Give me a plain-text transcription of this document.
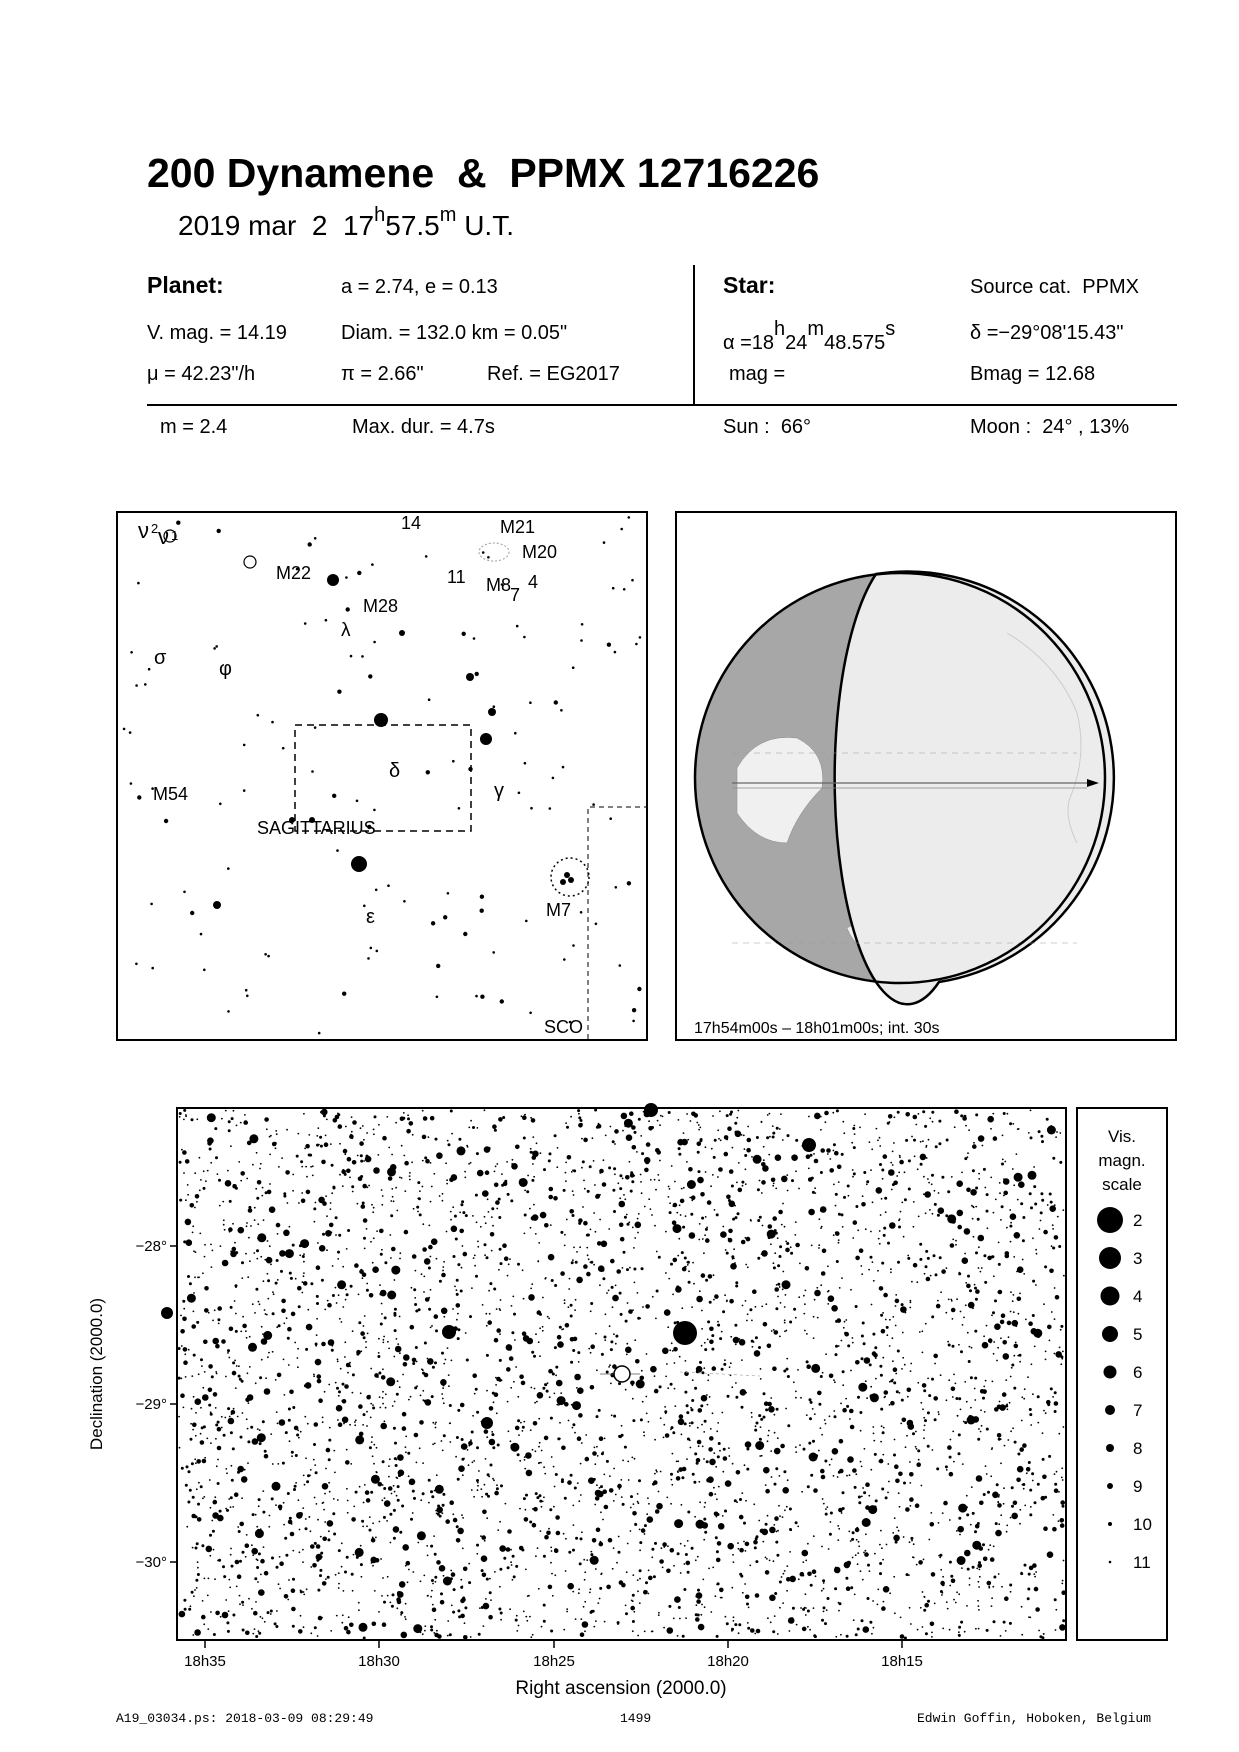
200 Dynamene  &  PPMX 12716226
2019 mar  2  17$^h$57.5$^m$ U.T.
Planet:	a = 2.74, e = 0.13
V. mag. = 14.19	Diam. = 132.0 km = 0.05"
μ = 42.23"/h	π = 2.66"	Ref. = EG2017
Star:	Source cat.  PPMX
α =18h24m48.575s	δ =−29°08'15.43"
mag =	Bmag = 12.68
m = 2.4	Max. dur. = 4.7s	Sun :  66°	Moon :  24° , 13%
ν 2 ν 1
14	M21
M20
M22	11 M8 4
7
M28
λ
σ	φ
δ
γ
M54
SAGITTARIUS
M7
ε
SCO	17h54m00s – 18h01m00s; int. 30s
−28°
−29°
−30°
18h35	18h30	18h25	18h20	18h15
Declination (2000.0)
Right ascension (2000.0)
Vis.
magn.
scale
2
3
4
5
6
7
8
9
10
11
A19_03034.ps: 2018-03-09 08:29:49	1499	Edwin Goffin, Hoboken, Belgium
